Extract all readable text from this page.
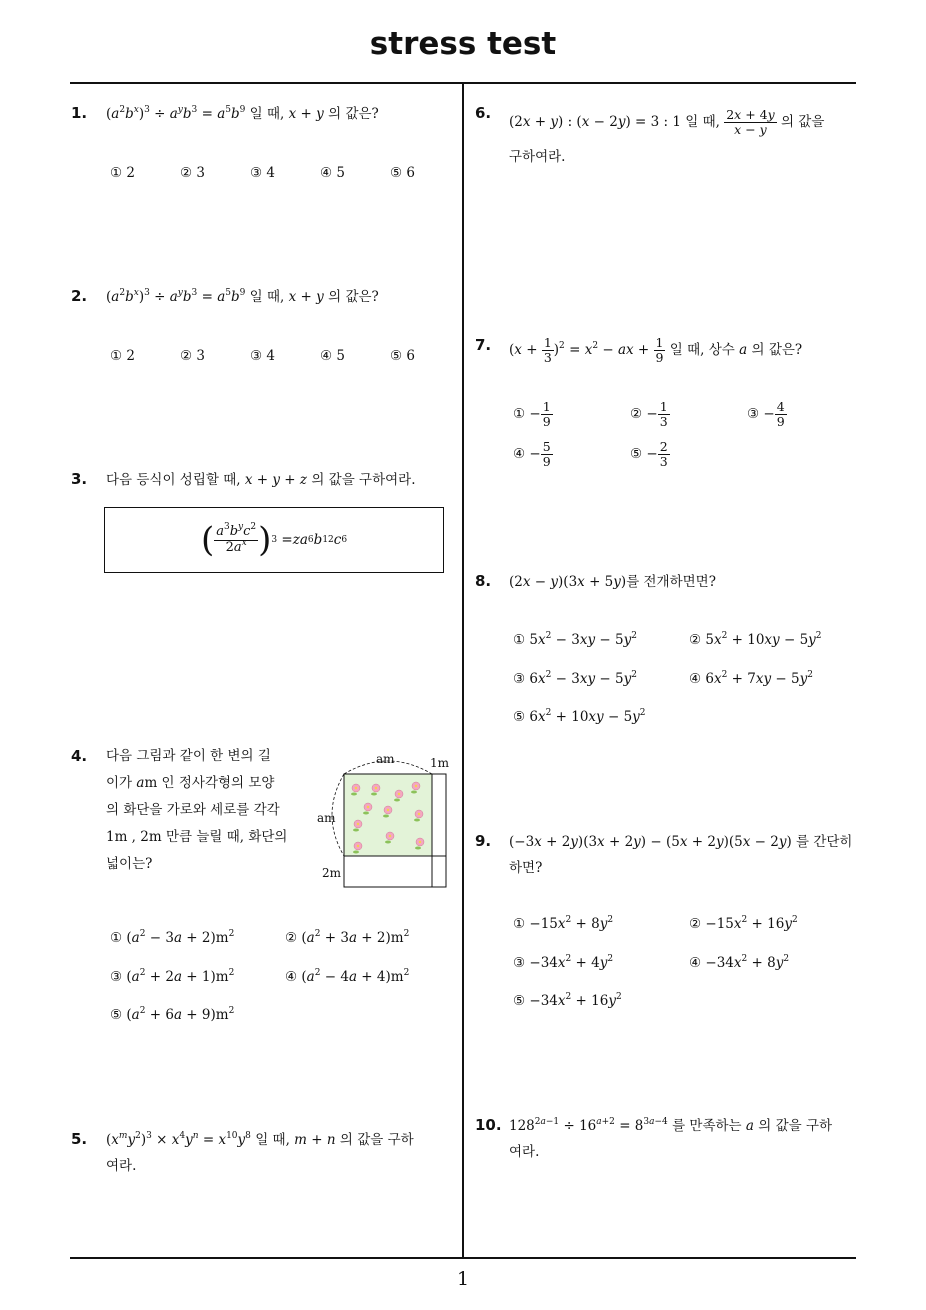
stress test
1
1. $(a^2b^x)^3 \div a^yb^3 = a^5b^9$ 일 때, x + y 의 값은?
① 2	② 3	③ 4	④ 5	⑤ 6
2. $(a^2b^x)^3 \div a^yb^3 = a^5b^9$ 일 때, x + y 의 값은?
① 2	② 3	③ 4	④ 5	⑤ 6
3. 다음 등식이 성립할 때, x + y + z 의 값을 구하여라.
( $\frac{a^3b^yc^2}{2a^x}$ ) 3 = za 6 b 12 c 6
4. 다음 그림과 같이 한 변의 길
이가 am 인 정사각형의 모양
의 화단을 가로와 세로를 각각
1m , 2m 만큼 늘릴 때, 화단의
넓이는?
am	1m
am
2m
① $(a^2 - 3a + 2)m^2$	② $(a^2 + 3a + 2)m^2$
③ $(a^2 + 2a + 1)m^2$	④ $(a^2 - 4a + 4)m^2$
⑤ $(a^2 + 6a + 9)m^2$
5. $(x^my^2)^3 \times x^4y^n = x^{10}y^8$ 일 때, m + n 의 값을 구하
여라.
6. (2x + y) : (x − 2y) = 3 : 1 일 때, $\frac{2x + 4y}{x - y}$ 의 값을
구하여라.
7. $(x + \frac{1}{3} )^2 = x^2$ − ax + $\frac{1}{9}$ 일 때, 상수 a 의 값은?
① − $\frac{1}{9}$	② − $\frac{1}{3}$	③ − $\frac{4}{9}$
④ − $\frac{5}{9}$	⑤ − $\frac{2}{3}$
8. (2x − y)(3x + 5y)를 전개하면면?
① $5x^2 - 3xy - 5y^2$	② $5x^2 + 10xy - 5y^2$
③ $6x^2 - 3xy - 5y^2$	④ $6x^2 + 7xy - 5y^2$
⑤ $6x^2 + 10xy - 5y^2$
9. (−3x + 2y)(3x + 2y) − (5x + 2y)(5x − 2y) 를 간단히
하면?
① $-15x^2 + 8y^2$	② $-15x^2 + 16y^2$
③ $-34x^2 + 4y^2$	④ $-34x^2 + 8y^2$
⑤ $-34x^2 + 16y^2$
10. $128^{2a-1} \div 16^{a+2} = 8^{3a-4}$ 를 만족하는 a 의 값을 구하
여라.
